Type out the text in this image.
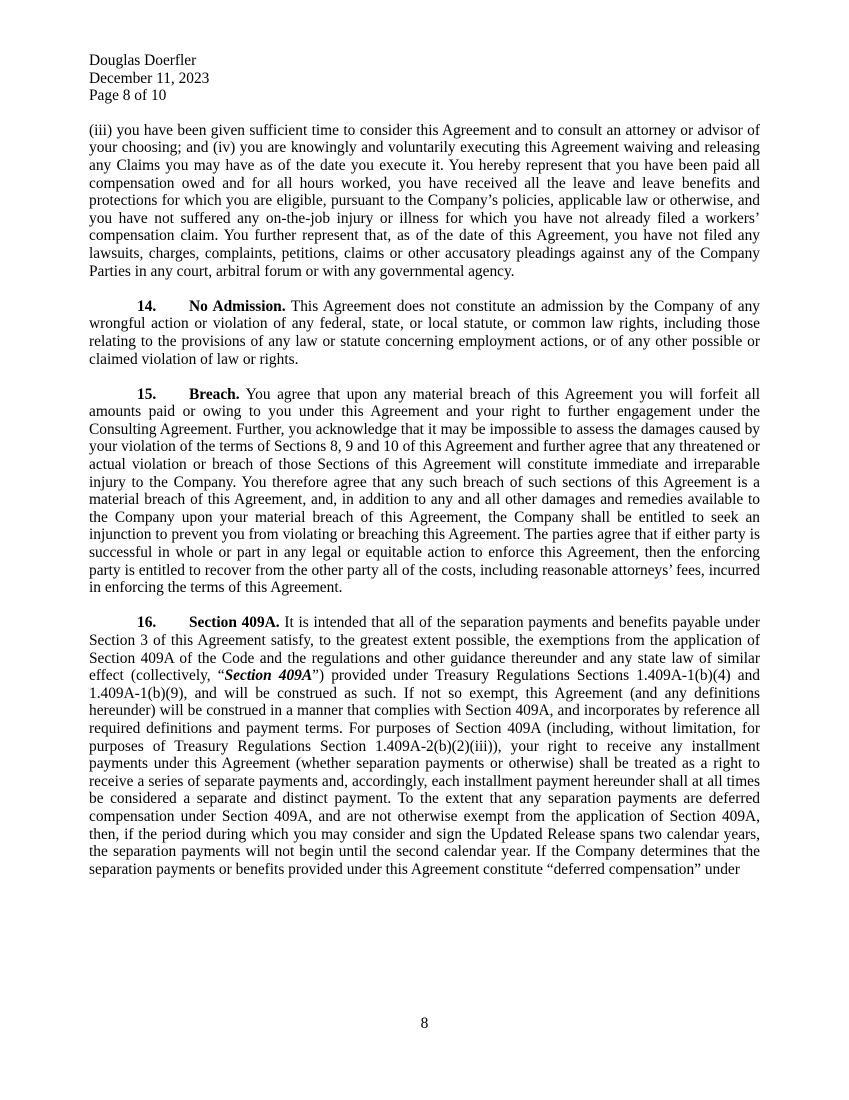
Douglas Doerfler
December 11, 2023
Page 8 of 10

(iii) you have been given sufficient time to consider this Agreement and to consult an attorney or advisor of your choosing; and (iv) you are knowingly and voluntarily executing this Agreement waiving and releasing any Claims you may have as of the date you execute it. You hereby represent that you have been paid all compensation owed and for all hours worked, you have received all the leave and leave benefits and protections for which you are eligible, pursuant to the Company’s policies, applicable law or otherwise, and you have not suffered any on-the-job injury or illness for which you have not already filed a workers’ compensation claim. You further represent that, as of the date of this Agreement, you have not filed any lawsuits, charges, complaints, petitions, claims or other accusatory pleadings against any of the Company Parties in any court, arbitral forum or with any governmental agency.

14. No Admission. This Agreement does not constitute an admission by the Company of any wrongful action or violation of any federal, state, or local statute, or common law rights, including those relating to the provisions of any law or statute concerning employment actions, or of any other possible or claimed violation of law or rights.

15. Breach. You agree that upon any material breach of this Agreement you will forfeit all amounts paid or owing to you under this Agreement and your right to further engagement under the Consulting Agreement. Further, you acknowledge that it may be impossible to assess the damages caused by your violation of the terms of Sections 8, 9 and 10 of this Agreement and further agree that any threatened or actual violation or breach of those Sections of this Agreement will constitute immediate and irreparable injury to the Company. You therefore agree that any such breach of such sections of this Agreement is a material breach of this Agreement, and, in addition to any and all other damages and remedies available to the Company upon your material breach of this Agreement, the Company shall be entitled to seek an injunction to prevent you from violating or breaching this Agreement. The parties agree that if either party is successful in whole or part in any legal or equitable action to enforce this Agreement, then the enforcing party is entitled to recover from the other party all of the costs, including reasonable attorneys’ fees, incurred in enforcing the terms of this Agreement.

16. Section 409A. It is intended that all of the separation payments and benefits payable under Section 3 of this Agreement satisfy, to the greatest extent possible, the exemptions from the application of Section 409A of the Code and the regulations and other guidance thereunder and any state law of similar effect (collectively, “Section 409A”) provided under Treasury Regulations Sections 1.409A-1(b)(4) and 1.409A-1(b)(9), and will be construed as such. If not so exempt, this Agreement (and any definitions hereunder) will be construed in a manner that complies with Section 409A, and incorporates by reference all required definitions and payment terms. For purposes of Section 409A (including, without limitation, for purposes of Treasury Regulations Section 1.409A-2(b)(2)(iii)), your right to receive any installment payments under this Agreement (whether separation payments or otherwise) shall be treated as a right to receive a series of separate payments and, accordingly, each installment payment hereunder shall at all times be considered a separate and distinct payment. To the extent that any separation payments are deferred compensation under Section 409A, and are not otherwise exempt from the application of Section 409A, then, if the period during which you may consider and sign the Updated Release spans two calendar years, the separation payments will not begin until the second calendar year. If the Company determines that the separation payments or benefits provided under this Agreement constitute “deferred compensation” under

8
